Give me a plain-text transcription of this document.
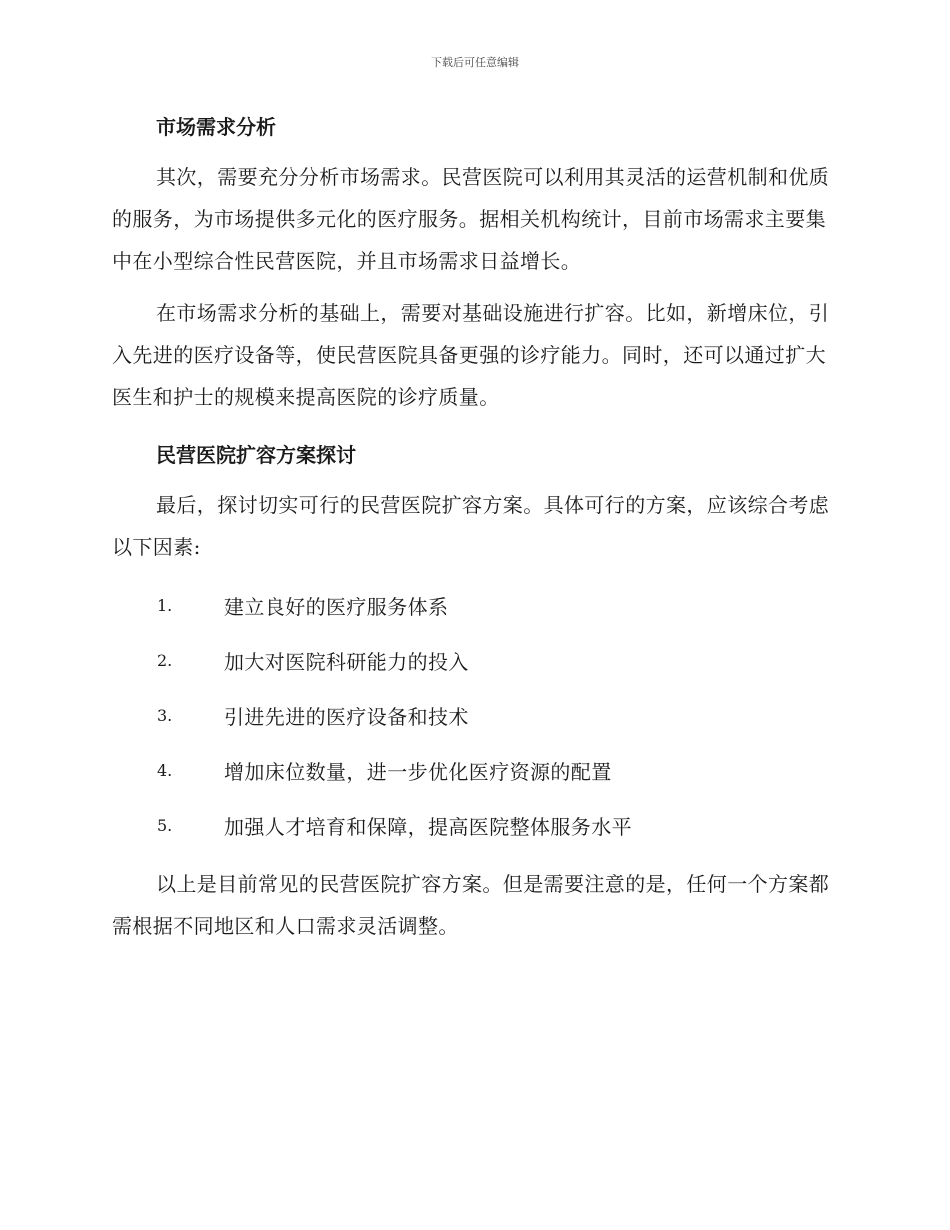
下载后可任意编辑
市场需求分析

其次，需要充分分析市场需求。民营医院可以利用其灵活的运营机制和优质的服务，为市场提供多元化的医疗服务。据相关机构统计，目前市场需求主要集中在小型综合性民营医院，并且市场需求日益增长。

在市场需求分析的基础上，需要对基础设施进行扩容。比如，新增床位，引入先进的医疗设备等，使民营医院具备更强的诊疗能力。同时，还可以通过扩大医生和护士的规模来提高医院的诊疗质量。

民营医院扩容方案探讨

最后，探讨切实可行的民营医院扩容方案。具体可行的方案，应该综合考虑以下因素:

1.	建立良好的医疗服务体系
2.	加大对医院科研能力的投入
3.	引进先进的医疗设备和技术
4.	增加床位数量，进一步优化医疗资源的配置
5.	加强人才培育和保障，提高医院整体服务水平

以上是目前常见的民营医院扩容方案。但是需要注意的是，任何一个方案都需根据不同地区和人口需求灵活调整。
